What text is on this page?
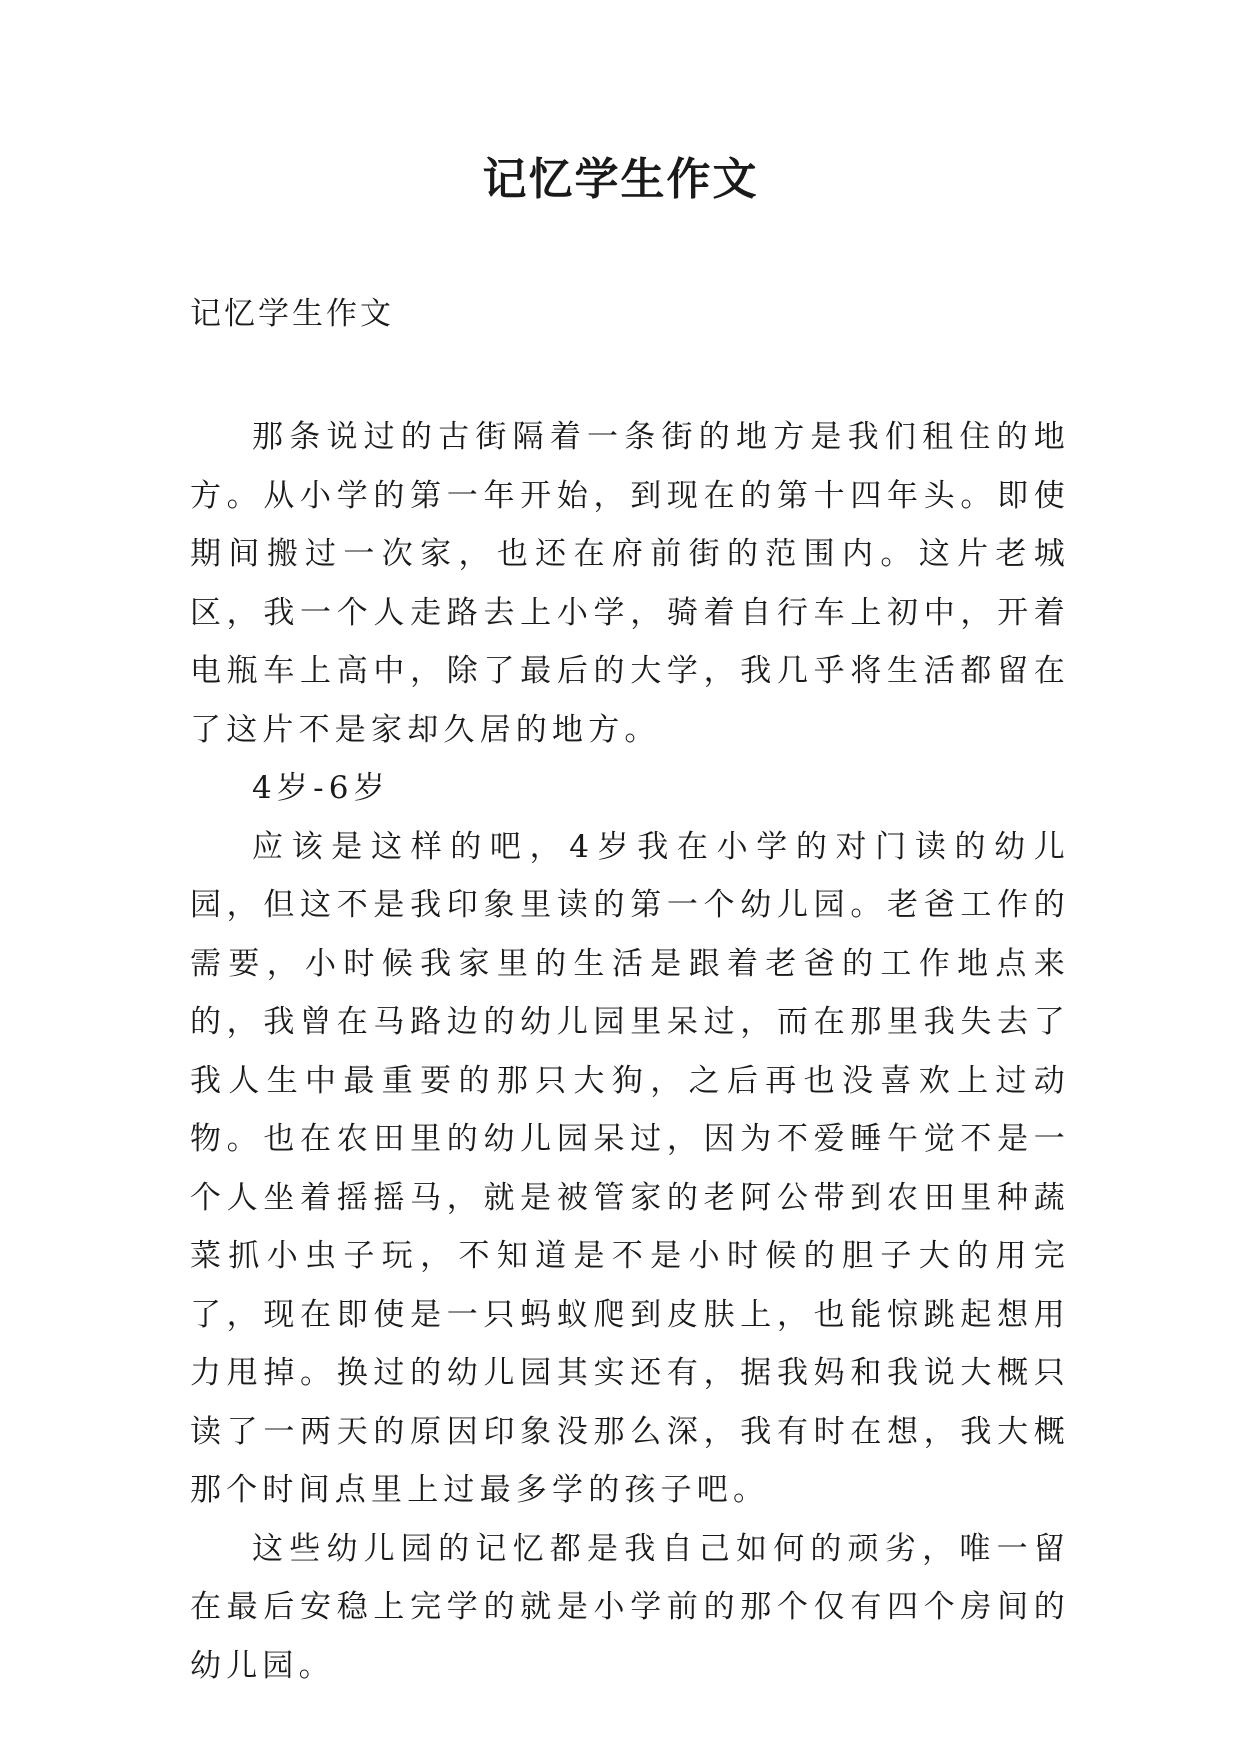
记忆学生作文
记忆学生作文

那条说过的古街隔着一条街的地方是我们租住的地方。从小学的第一年开始，到现在的第十四年头。即使期间搬过一次家，也还在府前街的范围内。这片老城区，我一个人走路去上小学，骑着自行车上初中，开着电瓶车上高中，除了最后的大学，我几乎将生活都留在了这片不是家却久居的地方。

4岁-6岁

应该是这样的吧，4岁我在小学的对门读的幼儿园，但这不是我印象里读的第一个幼儿园。老爸工作的需要，小时候我家里的生活是跟着老爸的工作地点来的，我曾在马路边的幼儿园里呆过，而在那里我失去了我人生中最重要的那只大狗，之后再也没喜欢上过动物。也在农田里的幼儿园呆过，因为不爱睡午觉不是一个人坐着摇摇马，就是被管家的老阿公带到农田里种蔬菜抓小虫子玩，不知道是不是小时候的胆子大的用完了，现在即使是一只蚂蚁爬到皮肤上，也能惊跳起想用力甩掉。换过的幼儿园其实还有，据我妈和我说大概只读了一两天的原因印象没那么深，我有时在想，我大概那个时间点里上过最多学的孩子吧。

这些幼儿园的记忆都是我自己如何的顽劣，唯一留在最后安稳上完学的就是小学前的那个仅有四个房间的幼儿园。
